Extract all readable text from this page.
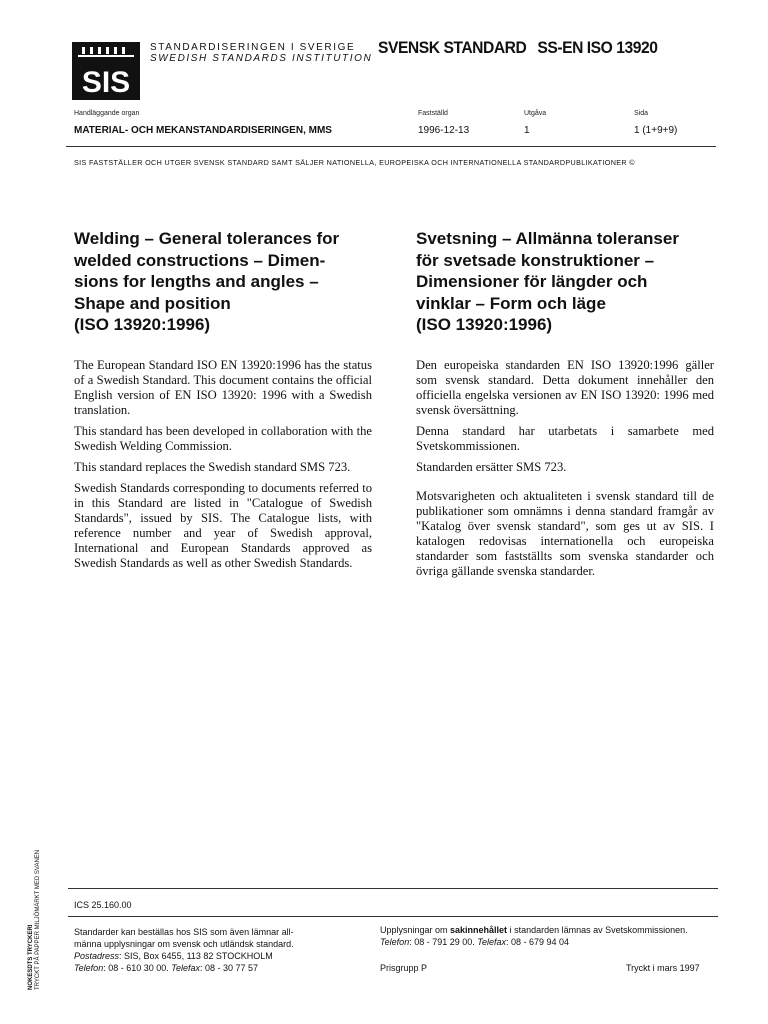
SIS
STANDARDISERINGEN I SVERIGE
SWEDISH STANDARDS INSTITUTION
SVENSK STANDARD SS-EN ISO 13920
Handläggande organ
MATERIAL- OCH MEKANSTANDARDISERINGEN, MMS
Fastställd
1996-12-13
Utgåva
1
Sida
1 (1+9+9)
SIS FASTSTÄLLER OCH UTGER SVENSK STANDARD SAMT SÄLJER NATIONELLA, EUROPEISKA OCH INTERNATIONELLA STANDARDPUBLIKATIONER ©
Welding – General tolerances for
welded constructions – Dimen-
sions for lengths and angles –
Shape and position
(ISO 13920:1996)
Svetsning – Allmänna toleranser
för svetsade konstruktioner –
Dimensioner för längder och
vinklar – Form och läge
(ISO 13920:1996)

The European Standard ISO EN 13920:1996 has the status of a Swedish Standard. This document contains the official English version of EN ISO 13920: 1996 with a Swedish translation.

This standard has been developed in collaboration with the Swedish Welding Commission.

This standard replaces the Swedish standard SMS 723.

Swedish Standards corresponding to documents referred to in this Standard are listed in "Catalogue of Swedish Standards", issued by SIS. The Catalogue lists, with reference number and year of Swedish approval, International and European Standards approved as Swedish Standards as well as other Swedish Standards.

Den europeiska standarden EN ISO 13920:1996 gäller som svensk standard. Detta dokument innehåller den officiella engelska versionen av EN ISO 13920: 1996 med svensk översättning.

Denna standard har utarbetats i samarbete med Svetskommissionen.

Standarden ersätter SMS 723.

Motsvarigheten och aktualiteten i svensk standard till de publikationer som omnämns i denna standard framgår av "Katalog över svensk standard", som ges ut av SIS. I katalogen redovisas internationella och europeiska standarder som fastställts som svenska standarder och övriga gällande svenska standarder.

NOKESDTS TRYCKERI TRYCKT PÅ PAPPER MILJÖMÄRKT MED SVANEN	ICS 25.160.00
Standarder kan beställas hos SIS som även lämnar all-
männa upplysningar om svensk och utländsk standard.
Postadress: SIS, Box 6455, 113 82 STOCKHOLM
Telefon: 08 - 610 30 00. Telefax: 08 - 30 77 57
Upplysningar om sakinnehållet i standarden lämnas av Svetskommissionen.
Telefon: 08 - 791 29 00. Telefax: 08 - 679 94 04
Prisgrupp P	Tryckt i mars 1997
